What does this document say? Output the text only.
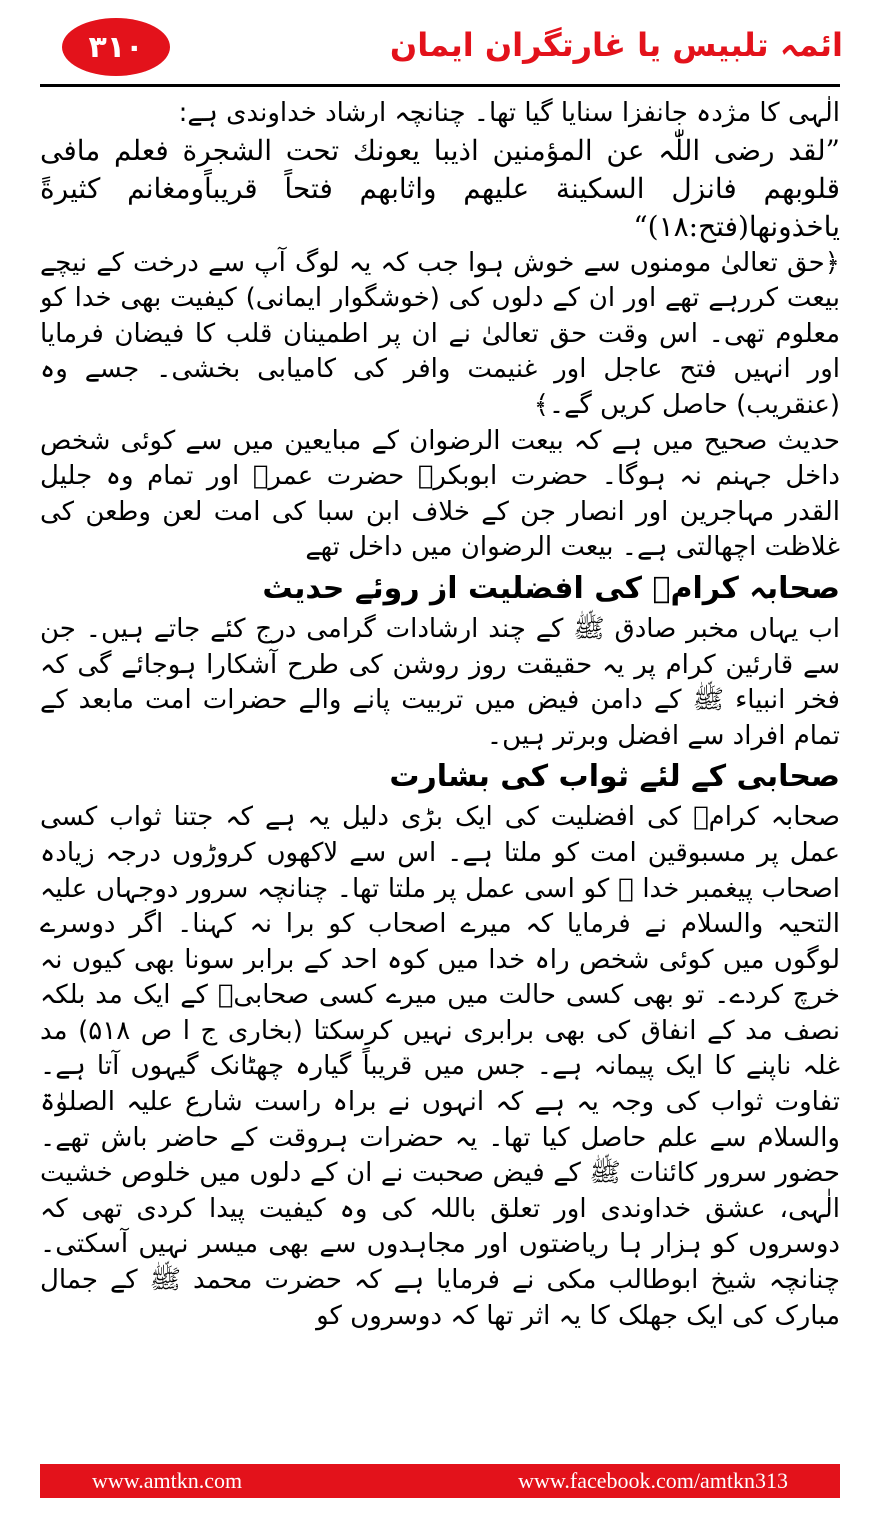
۳۱۰	ائمہ تلبیس یا غارتگران ایمان

الٰہی کا مژدہ جانفزا سنایا گیا تھا۔ چنانچہ ارشاد خداوندی ہے:

”لقد رضی اللّٰہ عن المؤمنین اذیبا یعونك تحت الشجرة فعلم مافی قلوبهم فانزل السكینة علیهم واثابهم فتحاً قریباًومغانم كثیرةً یاخذونها(فتح:۱۸)“

﴿حق تعالیٰ مومنوں سے خوش ہوا جب کہ یہ لوگ آپ سے درخت کے نیچے بیعت کررہے تھے اور ان کے دلوں کی (خوشگوار ایمانی) کیفیت بھی خدا کو معلوم تھی۔ اس وقت حق تعالیٰ نے ان پر اطمینان قلب کا فیضان فرمایا اور انہیں فتح عاجل اور غنیمت وافر کی کامیابی بخشی۔ جسے وہ (عنقریب) حاصل کریں گے۔﴾

حدیث صحیح میں ہے کہ بیعت الرضوان کے مبایعین میں سے کوئی شخص داخل جہنم نہ ہوگا۔ حضرت ابوبکرؓ حضرت عمرؓ اور تمام وہ جلیل القدر مہاجرین اور انصار جن کے خلاف ابن سبا کی امت لعن وطعن کی غلاظت اچھالتی ہے۔ بیعت الرضوان میں داخل تھے

صحابہ کرامؓ کی افضلیت از روئے حدیث

اب یہاں مخبر صادق ﷺ کے چند ارشادات گرامی درج کئے جاتے ہیں۔ جن سے قارئین کرام پر یہ حقیقت روز روشن کی طرح آشکارا ہوجائے گی کہ فخر انبیاء ﷺ کے دامن فیض میں تربیت پانے والے حضرات امت مابعد کے تمام افراد سے افضل وبرتر ہیں۔

صحابی کے لئے ثواب کی بشارت

صحابہ کرامؓ کی افضلیت کی ایک بڑی دلیل یہ ہے کہ جتنا ثواب کسی عمل پر مسبوقین امت کو ملتا ہے۔ اس سے لاکھوں کروڑوں درجہ زیادہ اصحاب پیغمبر خدا ﷺ کو اسی عمل پر ملتا تھا۔ چنانچہ سرور دوجہاں علیہ التحیہ والسلام نے فرمایا کہ میرے اصحاب کو برا نہ کہنا۔ اگر دوسرے لوگوں میں کوئی شخص راہ خدا میں کوہ احد کے برابر سونا بھی کیوں نہ خرچ کردے۔ تو بھی کسی حالت میں میرے کسی صحابیؓ کے ایک مد بلکہ نصف مد کے انفاق کی بھی برابری نہیں کرسکتا (بخاری ج ا ص ۵۱۸) مد غلہ ناپنے کا ایک پیمانہ ہے۔ جس میں قریباً گیارہ چھٹانک گیہوں آتا ہے۔ تفاوت ثواب کی وجہ یہ ہے کہ انہوں نے براہ راست شارع علیہ الصلوٰۃ والسلام سے علم حاصل کیا تھا۔ یہ حضرات ہروقت کے حاضر باش تھے۔ حضور سرور کائنات ﷺ کے فیض صحبت نے ان کے دلوں میں خلوص خشیت الٰہی، عشق خداوندی اور تعلق باللہ کی وہ کیفیت پیدا کردی تھی کہ دوسروں کو ہزار ہا ریاضتوں اور مجاہدوں سے بھی میسر نہیں آسکتی۔ چنانچہ شیخ ابوطالب مکی نے فرمایا ہے کہ حضرت محمد ﷺ کے جمال مبارک کی ایک جھلک کا یہ اثر تھا کہ دوسروں کو

www.amtkn.com	www.facebook.com/amtkn313
